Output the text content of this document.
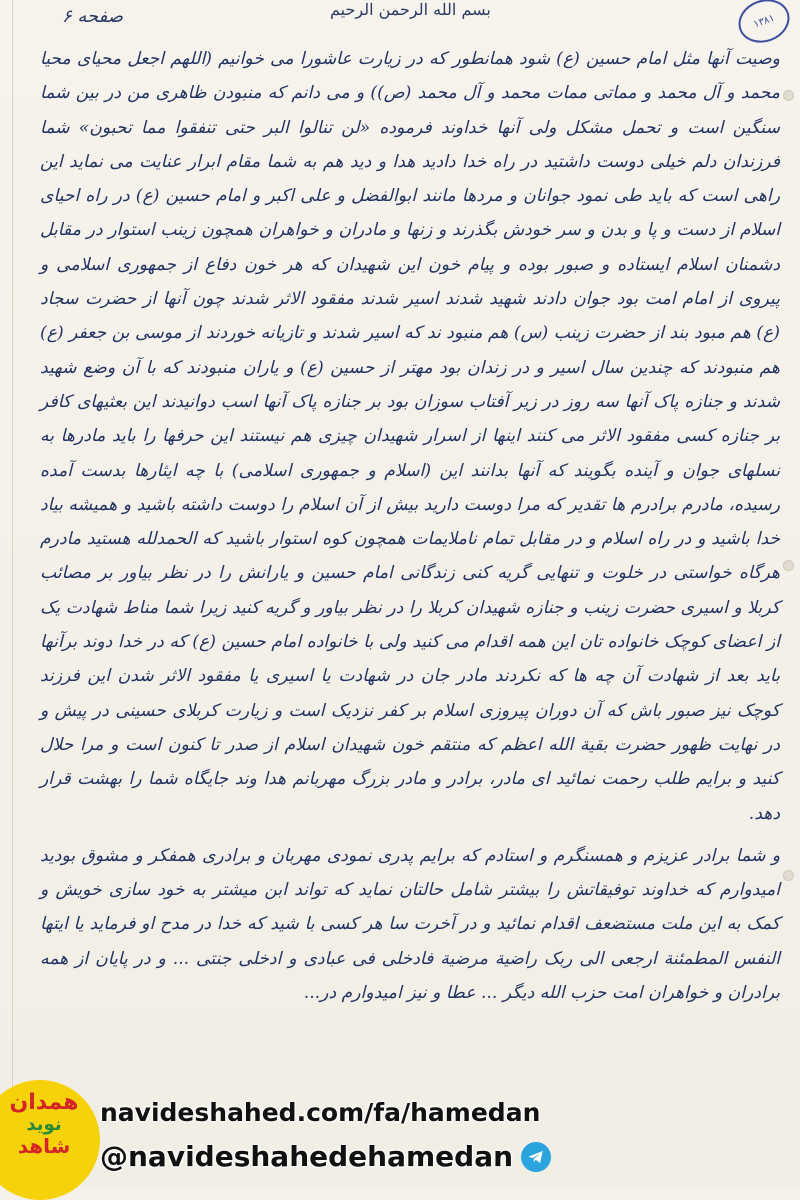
صفحه ۶	بسم الله الرحمن الرحیم
۱۳۸۱

وصیت آنها مثل امام حسین (ع) شود همانطور که در زیارت عاشورا می خوانیم (اللهم اجعل محیای محیا محمد و آل محمد و مماتی ممات محمد و آل محمد (ص)) و می دانم که منبودن ظاهری من در بین شما سنگین است و تحمل مشکل ولی آنها خداوند فرموده «لن تنالوا البر حتی تنفقوا مما تحبون» شما فرزندان دلم خیلی دوست داشتید در راه خدا دادید هدا و دید هم به شما مقام ابرار عنایت می نماید این راهی است که باید طی نمود جوانان و مردها مانند ابوالفضل و علی اکبر و امام حسین (ع) در راه احیای اسلام از دست و پا و بدن و سر خودش بگذرند و زنها و مادران و خواهران همچون زینب استوار در مقابل دشمنان اسلام ایستاده و صبور بوده و پیام خون این شهیدان که هر خون دفاع از جمهوری اسلامی و پیروی از امام امت بود جوان دادند شهید شدند اسیر شدند مفقود الاثر شدند چون آنها از حضرت سجاد (ع) هم مبود بند از حضرت زینب (س) هم منبود ند که اسیر شدند و تازیانه خوردند از موسی بن جعفر (ع) هم منبودند که چندین سال اسیر و در زندان بود مهتر از حسین (ع) و یاران منبودند که با آن وضع شهید شدند و جنازه پاک آنها سه روز در زیر آفتاب سوزان بود بر جنازه پاک آنها اسب دوانیدند این بعثیهای کافر بر جنازه کسی مفقود الاثر می کنند اینها از اسرار شهیدان چیزی هم نیستند این حرفها را باید مادرها به نسلهای جوان و آینده بگویند که آنها بدانند این (اسلام و جمهوری اسلامی) با چه ایثارها بدست آمده رسیده، مادرم برادرم ها تقدیر که مرا دوست دارید بیش از آن اسلام را دوست داشته باشید و همیشه بیاد خدا باشید و در راه اسلام و در مقابل تمام ناملایمات همچون کوه استوار باشید که الحمدلله هستید مادرم هرگاه خواستی در خلوت و تنهایی گریه کنی زندگانی امام حسین و یارانش را در نظر بیاور بر مصائب کربلا و اسیری حضرت زینب و جنازه شهیدان کربلا را در نظر بیاور و گریه کنید زیرا شما مناط شهادت یک از اعضای کوچک خانواده تان این همه اقدام می کنید ولی با خانواده امام حسین (ع) که در خدا دوند برآنها باید بعد از شهادت آن چه ها که نکردند مادر جان در شهادت یا اسیری یا مفقود الاثر شدن این فرزند کوچک نیز صبور باش که آن دوران پیروزی اسلام بر کفر نزدیک است و زیارت کربلای حسینی در پیش و در نهایت ظهور حضرت بقیة الله اعظم که منتقم خون شهیدان اسلام از صدر تا کنون است و مرا حلال کنید و برایم طلب رحمت نمائید ای مادر، برادر و مادر بزرگ مهربانم هدا وند جایگاه شما را بهشت قرار دهد.

و شما برادر عزیزم و همسنگرم و استادم که برایم پدری نمودی مهربان و برادری همفکر و مشوق بودید امیدوارم که خداوند توفیقاتش را بیشتر شامل حالتان نماید که تواند ابن میشتر به خود سازی خویش و کمک به این ملت مستضعف اقدام نمائید و در آخرت سا هر کسی با شید که خدا در مدح او فرماید یا ایتها النفس المطمئنة ارجعی الی ربک راضیة مرضیة فادخلی فی عبادی و ادخلی جنتی ... و در پایان از همه برادران و خواهران امت حزب الله دیگر ... عطا و نیز امیدوارم در...

همدان
نوید
شاهد
navideshahed.com/fa/hamedan
@navideshahedehamedan
